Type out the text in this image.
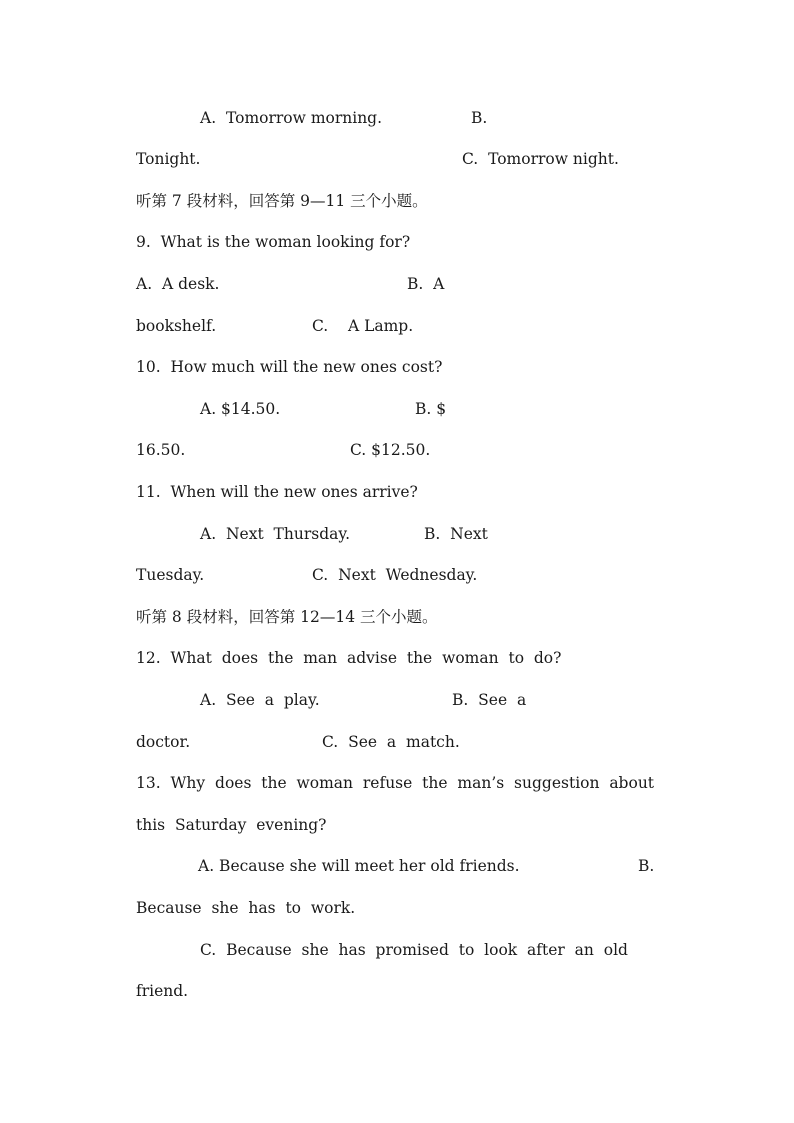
A.  Tomorrow morning.	B.
Tonight.	C.  Tomorrow night.
听第 7 段材料，回答第 9—11 三个小题。
9.  What is the woman looking for?
A.  A desk.	B.  A
bookshelf.	C.    A Lamp.
10.  How much will the new ones cost?
A. $14.50.	B. $
16.50.	C. $12.50.
11.  When will the new ones arrive?
A.  Next  Thursday.	B.  Next
Tuesday.	C.  Next  Wednesday.
听第 8 段材料，回答第 12—14 三个小题。
12.  What  does  the  man  advise  the  woman  to  do?
A.  See  a  play.	B.  See  a
doctor.	C.  See  a  match.
13.  Why  does  the  woman  refuse  the  man’s  suggestion  about
this  Saturday  evening?
A. Because she will meet her old friends.	B.
Because  she  has  to  work.
C.  Because  she  has  promised  to  look  after  an  old
friend.
